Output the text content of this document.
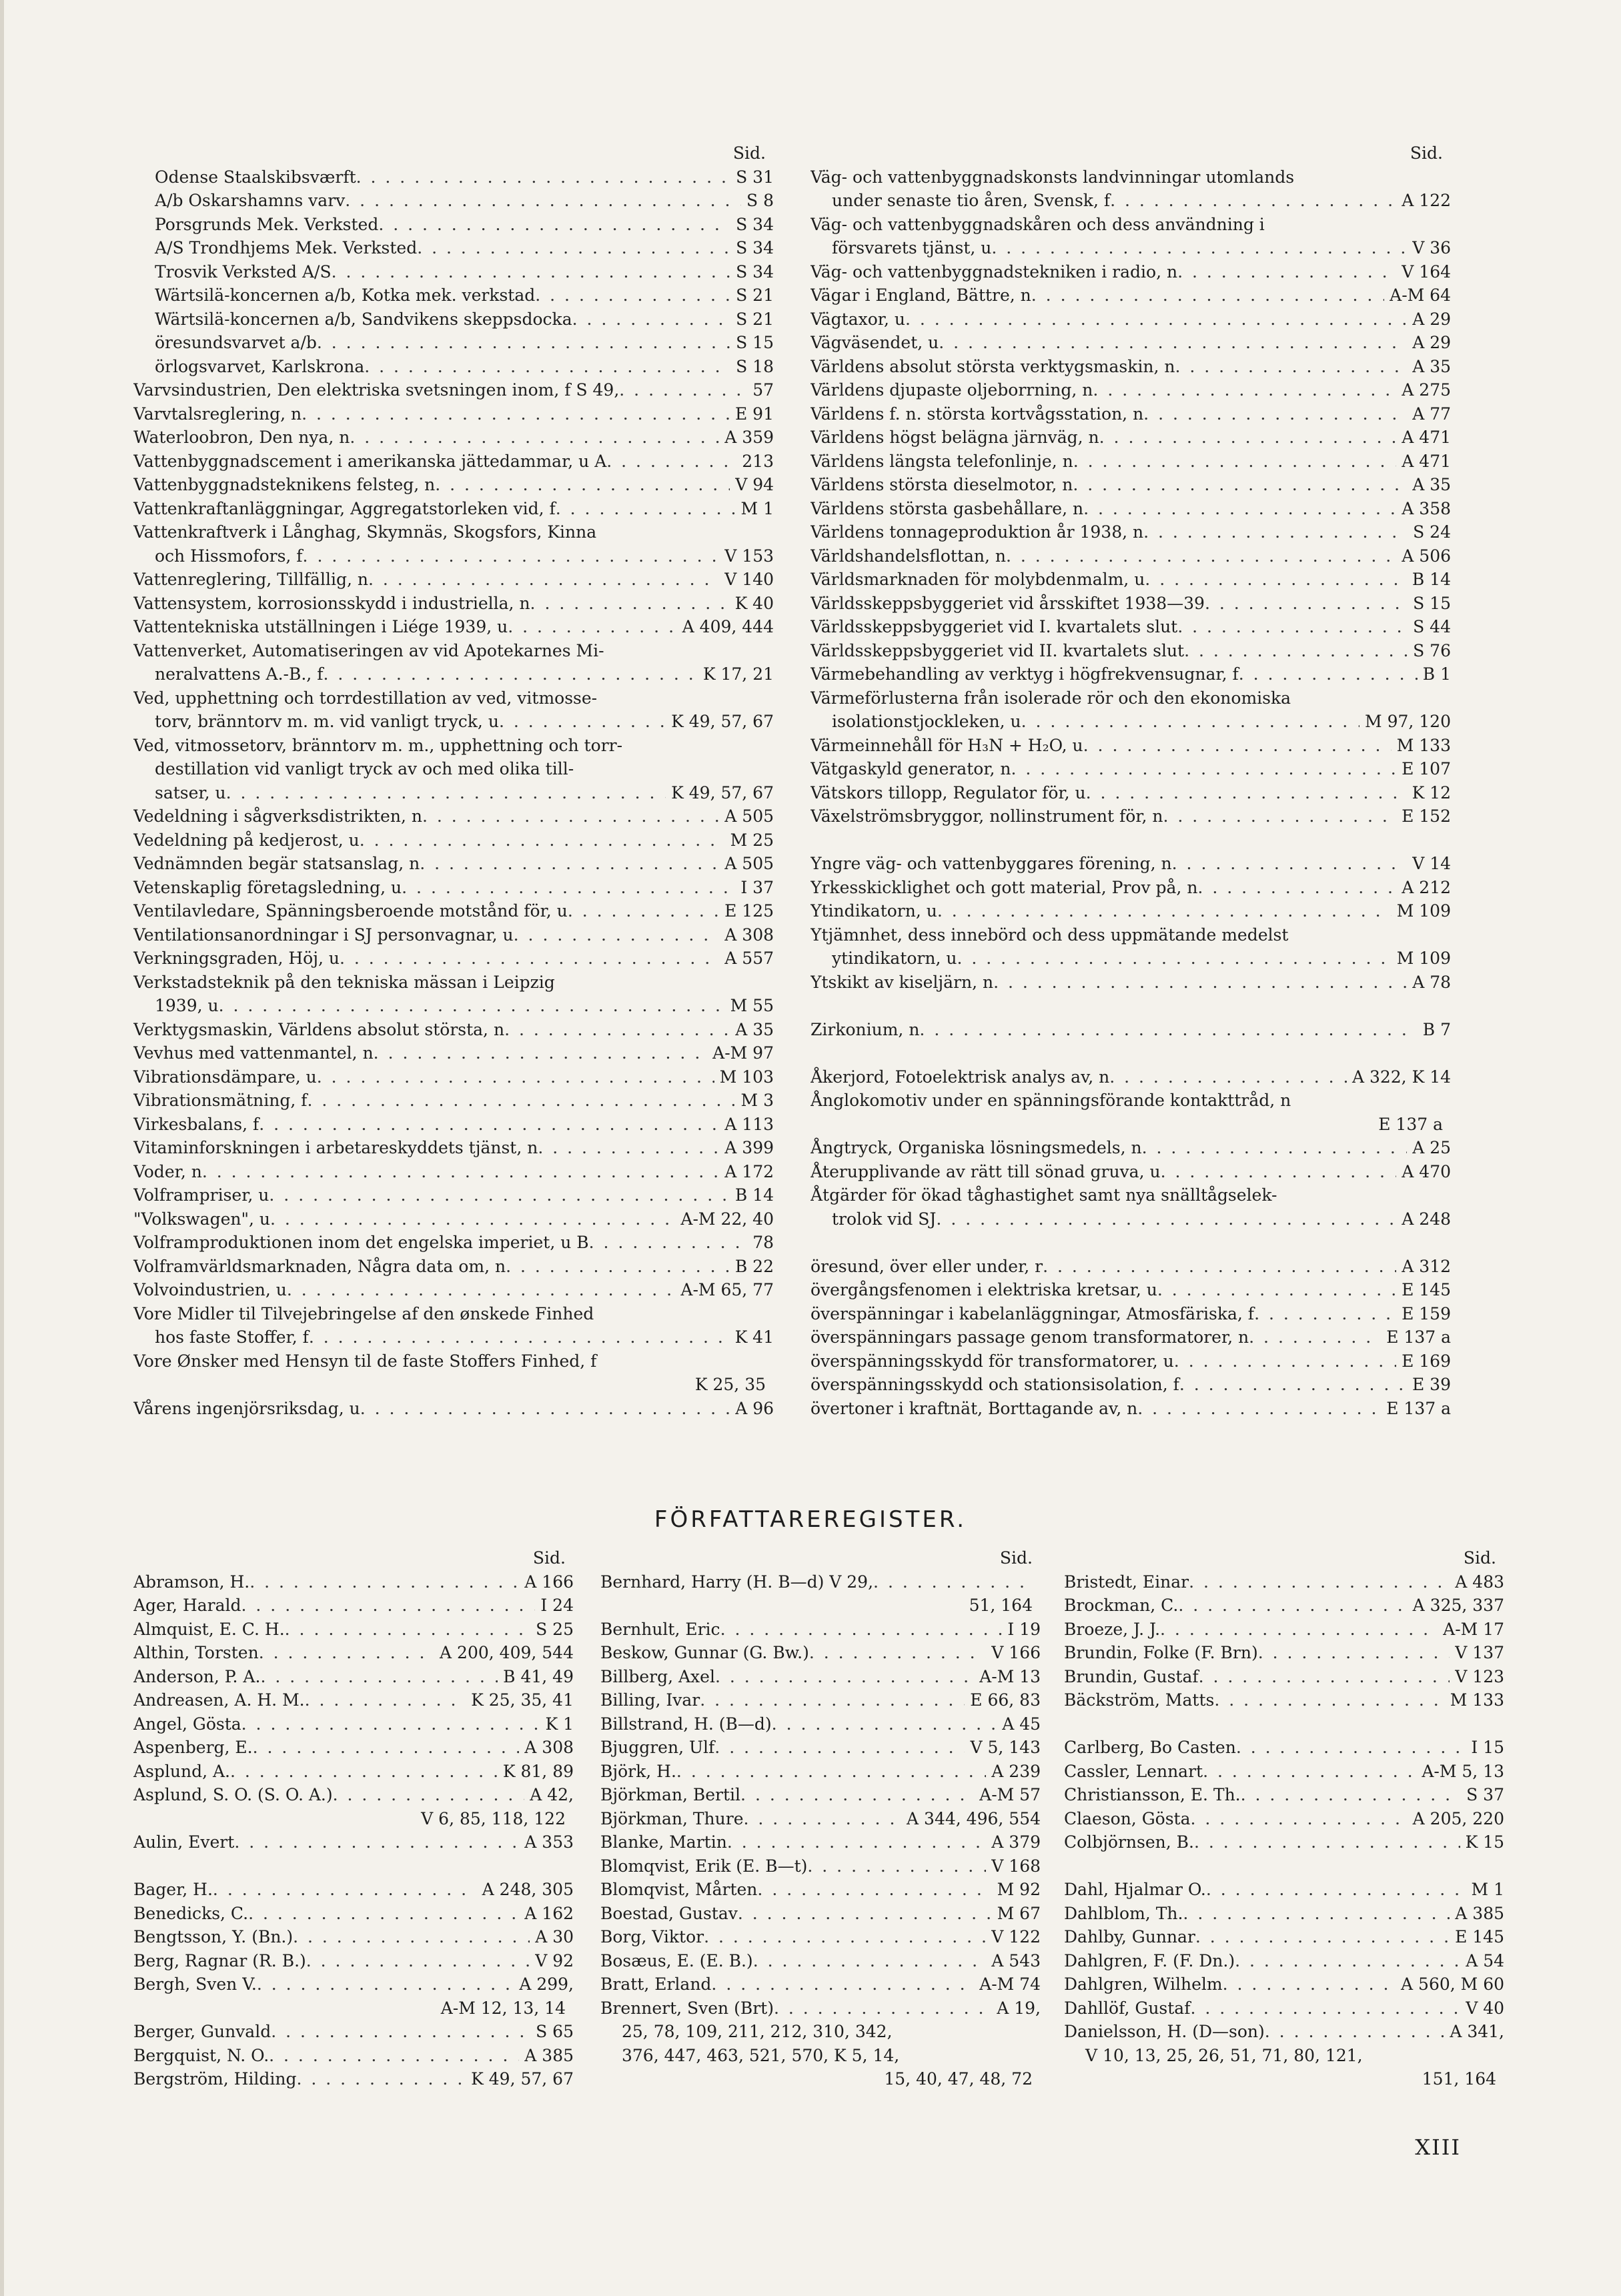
Sid.
Odense Staalskibsværft . . .	S 31
A/b Oskarshamns varv . . .	S 8
Porsgrunds Mek. Verksted . . .	S 34
A/S Trondhjems Mek. Verksted . . .	S 34
Trosvik Verksted A/S . . .	S 34
Wärtsilä-koncernen a/b, Kotka mek. verkstad . . .	S 21
Wärtsilä-koncernen a/b, Sandvikens skeppsdocka . . .	S 21
öresundsvarvet a/b . . .	S 15
örlogsvarvet, Karlskrona . . .	S 18
Varvsindustrien, Den elektriska svetsningen inom, f S 49, . . .	57
Varvtalsreglering, n . . .	E 91
Waterloobron, Den nya, n . . .	A 359
Vattenbyggnadscement i amerikanska jättedammar, u A . . .	213
Vattenbyggnadsteknikens felsteg, n . . .	V 94
Vattenkraftanläggningar, Aggregatstorleken vid, f . . .	M 1
Vattenkraftverk i Långhag, Skymnäs, Skogsfors, Kinna
och Hissmofors, f . . .	V 153
Vattenreglering, Tillfällig, n . . .	V 140
Vattensystem, korrosionsskydd i industriella, n . . .	K 40
Vattentekniska utställningen i Liége 1939, u . . .	A 409, 444
Vattenverket, Automatiseringen av vid Apotekarnes Mi-
neralvattens A.-B., f . . .	K 17, 21
Ved, upphettning och torrdestillation av ved, vitmosse-
torv, bränntorv m. m. vid vanligt tryck, u . . .	K 49, 57, 67
Ved, vitmossetorv, bränntorv m. m., upphettning och torr-
destillation vid vanligt tryck av och med olika till-
satser, u . . .	K 49, 57, 67
Vedeldning i sågverksdistrikten, n . . .	A 505
Vedeldning på kedjerost, u . . .	M 25
Vednämnden begär statsanslag, n . . .	A 505
Vetenskaplig företagsledning, u . . .	I 37
Ventilavledare, Spänningsberoende motstånd för, u . . .	E 125
Ventilationsanordningar i SJ personvagnar, u . . .	A 308
Verkningsgraden, Höj, u . . .	A 557
Verkstadsteknik på den tekniska mässan i Leipzig
1939, u . . .	M 55
Verktygsmaskin, Världens absolut största, n . . .	A 35
Vevhus med vattenmantel, n . . .	A-M 97
Vibrationsdämpare, u . . .	M 103
Vibrationsmätning, f . . .	M 3
Virkesbalans, f . . .	A 113
Vitaminforskningen i arbetareskyddets tjänst, n . . .	A 399
Voder, n . . .	A 172
Volframpriser, u . . .	B 14
"Volkswagen", u . . .	A-M 22, 40
Volframproduktionen inom det engelska imperiet, u B . . .	78
Volframvärldsmarknaden, Några data om, n . . .	B 22
Volvoindustrien, u . . .	A-M 65, 77
Vore Midler til Tilvejebringelse af den ønskede Finhed
hos faste Stoffer, f . . .	K 41
Vore Ønsker med Hensyn til de faste Stoffers Finhed, f
K 25, 35
Vårens ingenjörsriksdag, u . . .	A 96
Sid.
Väg- och vattenbyggnadskonsts landvinningar utomlands
under senaste tio åren, Svensk, f . . .	A 122
Väg- och vattenbyggnadskåren och dess användning i
försvarets tjänst, u . . .	V 36
Väg- och vattenbyggnadstekniken i radio, n . . .	V 164
Vägar i England, Bättre, n . . .	A-M 64
Vägtaxor, u . . .	A 29
Vägväsendet, u . . .	A 29
Världens absolut största verktygsmaskin, n . . .	A 35
Världens djupaste oljeborrning, n . . .	A 275
Världens f. n. största kortvågsstation, n . . .	A 77
Världens högst belägna järnväg, n . . .	A 471
Världens längsta telefonlinje, n . . .	A 471
Världens största dieselmotor, n . . .	A 35
Världens största gasbehållare, n . . .	A 358
Världens tonnageproduktion år 1938, n . . .	S 24
Världshandelsflottan, n . . .	A 506
Världsmarknaden för molybdenmalm, u . . .	B 14
Världsskeppsbyggeriet vid årsskiftet 1938—39 . . .	S 15
Världsskeppsbyggeriet vid I. kvartalets slut . . .	S 44
Världsskeppsbyggeriet vid II. kvartalets slut . . .	S 76
Värmebehandling av verktyg i högfrekvensugnar, f . . .	B 1
Värmeförlusterna från isolerade rör och den ekonomiska
isolationstjockleken, u . . .	M 97, 120
Värmeinnehåll för H₃N + H₂O, u . . .	M 133
Vätgaskyld generator, n . . .	E 107
Vätskors tillopp, Regulator för, u . . .	K 12
Växelströmsbryggor, nollinstrument för, n . . .	E 152
Yngre väg- och vattenbyggares förening, n . . .	V 14
Yrkesskicklighet och gott material, Prov på, n . . .	A 212
Ytindikatorn, u . . .	M 109
Ytjämnhet, dess innebörd och dess uppmätande medelst
ytindikatorn, u . . .	M 109
Ytskikt av kiseljärn, n . . .	A 78
Zirkonium, n . . .	B 7
Åkerjord, Fotoelektrisk analys av, n . . .	A 322, K 14
Ånglokomotiv under en spänningsförande kontakttråd, n
E 137 a
Ångtryck, Organiska lösningsmedels, n . . .	A 25
Återupplivande av rätt till sönad gruva, u . . .	A 470
Åtgärder för ökad tåghastighet samt nya snälltågselek-
trolok vid SJ . . .	A 248
öresund, över eller under, r . . .	A 312
övergångsfenomen i elektriska kretsar, u . . .	E 145
överspänningar i kabelanläggningar, Atmosfäriska, f . . .	E 159
överspänningars passage genom transformatorer, n . . .	E 137 a
överspänningsskydd för transformatorer, u . . .	E 169
överspänningsskydd och stationsisolation, f . . .	E 39
övertoner i kraftnät, Borttagande av, n . . .	E 137 a
FÖRFATTAREREGISTER.
Sid.
Abramson, H. . . .	A 166
Ager, Harald . . .	I 24
Almquist, E. C. H. . . .	S 25
Althin, Torsten . . .	A 200, 409, 544
Anderson, P. A. . . .	B 41, 49
Andreasen, A. H. M. . . .	K 25, 35, 41
Angel, Gösta . . .	K 1
Aspenberg, E. . . .	A 308
Asplund, A. . . .	K 81, 89
Asplund, S. O. (S. O. A.) . . .	A 42,
V 6, 85, 118, 122
Aulin, Evert . . .	A 353
Bager, H. . . .	A 248, 305
Benedicks, C. . . .	A 162
Bengtsson, Y. (Bn.) . . .	A 30
Berg, Ragnar (R. B.) . . .	V 92
Bergh, Sven V. . . .	A 299,
A-M 12, 13, 14
Berger, Gunvald . . .	S 65
Bergquist, N. O. . . .	A 385
Bergström, Hilding . . .	K 49, 57, 67
Sid.
Bernhard, Harry (H. B—d) V 29,
. . .
51, 164
Bernhult, Eric . . .	I 19
Beskow, Gunnar (G. Bw.) . . .	V 166
Billberg, Axel . . .	A-M 13
Billing, Ivar . . .	E 66, 83
Billstrand, H. (B—d) . . .	A 45
Bjuggren, Ulf . . .	V 5, 143
Björk, H. . . .	A 239
Björkman, Bertil . . .	A-M 57
Björkman, Thure . . .	A 344, 496, 554
Blanke, Martin . . .	A 379
Blomqvist, Erik (E. B—t) . . .	V 168
Blomqvist, Mårten . . .	M 92
Boestad, Gustav . . .	M 67
Borg, Viktor . . .	V 122
Bosæus, E. (E. B.) . . .	A 543
Bratt, Erland . . .	A-M 74
Brennert, Sven (Brt) . . .	A 19,
25, 78, 109, 211, 212, 310, 342,
376, 447, 463, 521, 570, K 5, 14,
15, 40, 47, 48, 72
Sid.
Bristedt, Einar . . .	A 483
Brockman, C. . . .	A 325, 337
Broeze, J. J. . . .	A-M 17
Brundin, Folke (F. Brn) . . .	V 137
Brundin, Gustaf . . .	V 123
Bäckström, Matts . . .	M 133
Carlberg, Bo Casten . . .	I 15
Cassler, Lennart . . .	A-M 5, 13
Christiansson, E. Th. . . .	S 37
Claeson, Gösta . . .	A 205, 220
Colbjörnsen, B. . . .	K 15
Dahl, Hjalmar O. . . .	M 1
Dahlblom, Th. . . .	A 385
Dahlby, Gunnar . . .	E 145
Dahlgren, F. (F. Dn.) . . .	A 54
Dahlgren, Wilhelm . . .	A 560, M 60
Dahllöf, Gustaf . . .	V 40
Danielsson, H. (D—son) . . .	A 341,
V 10, 13, 25, 26, 51, 71, 80, 121,
151, 164
XIII
